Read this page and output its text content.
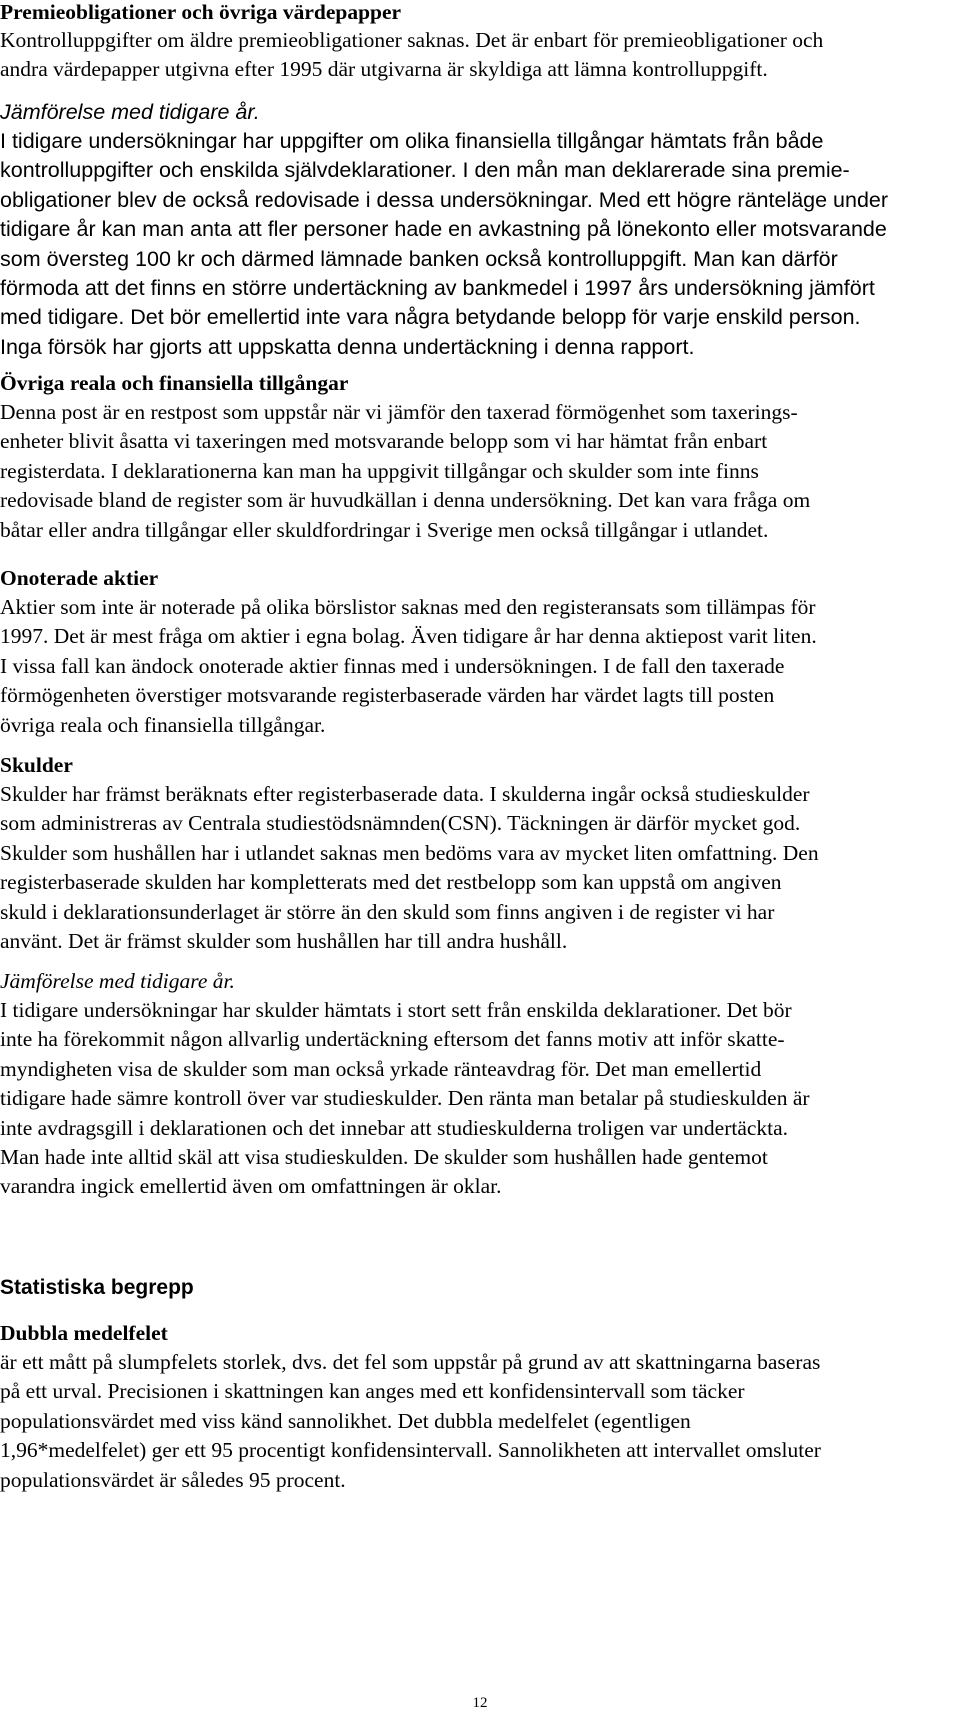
Premieobligationer och övriga värdepapper

Kontrolluppgifter om äldre premieobligationer saknas. Det är enbart för premieobligationer och

andra värdepapper utgivna efter 1995 där utgivarna är skyldiga att lämna kontrolluppgift.

Jämförelse med tidigare år.

I tidigare undersökningar har uppgifter om olika finansiella tillgångar hämtats från både

kontrolluppgifter och enskilda självdeklarationer. I den mån man deklarerade sina premie-

obligationer blev de också redovisade i dessa undersökningar. Med ett högre ränteläge under

tidigare år kan man anta att fler personer hade en avkastning på lönekonto eller motsvarande

som översteg 100 kr och därmed lämnade banken också kontrolluppgift. Man kan därför

förmoda att det finns en större undertäckning av bankmedel i 1997 års undersökning jämfört

med tidigare. Det bör emellertid inte vara några betydande belopp för varje enskild person.

Inga försök har gjorts att uppskatta denna undertäckning i denna rapport.

Övriga reala och finansiella tillgångar

Denna post är en restpost som uppstår när vi jämför den taxerad förmögenhet som taxerings-

enheter blivit åsatta vi taxeringen med motsvarande belopp som vi har hämtat från enbart

registerdata. I deklarationerna kan man ha uppgivit tillgångar och skulder som inte finns

redovisade bland de register som är huvudkällan i denna undersökning. Det kan vara fråga om

båtar eller andra tillgångar eller skuldfordringar i Sverige men också tillgångar i utlandet.

Onoterade aktier

Aktier som inte är noterade på olika börslistor saknas med den registeransats som tillämpas för

1997. Det är mest fråga om aktier i egna bolag. Även tidigare år har denna aktiepost varit liten.

I vissa fall kan ändock onoterade aktier finnas med i undersökningen. I de fall den taxerade

förmögenheten överstiger motsvarande registerbaserade värden har värdet lagts till posten

övriga reala och finansiella tillgångar.

Skulder

Skulder har främst beräknats efter registerbaserade data. I skulderna ingår också studieskulder

som administreras av Centrala studiestödsnämnden(CSN). Täckningen är därför mycket god.

Skulder som hushållen har i utlandet saknas men bedöms vara av mycket liten omfattning. Den

registerbaserade skulden har kompletterats med det restbelopp som kan uppstå om angiven

skuld i deklarationsunderlaget är större än den skuld som finns angiven i de register vi har

använt. Det är främst skulder som hushållen har till andra hushåll.

Jämförelse med tidigare år.

I tidigare undersökningar har skulder hämtats i stort sett från enskilda deklarationer. Det bör

inte ha förekommit någon allvarlig undertäckning eftersom det fanns motiv att inför skatte-

myndigheten visa de skulder som man också yrkade ränteavdrag för. Det man emellertid

tidigare hade sämre kontroll över var studieskulder. Den ränta man betalar på studieskulden är

inte avdragsgill i deklarationen och det innebar att studieskulderna troligen var undertäckta.

Man hade inte alltid skäl att visa studieskulden. De skulder som hushållen hade gentemot

varandra ingick emellertid även om omfattningen är oklar.

Statistiska begrepp

Dubbla medelfelet

är ett mått på slumpfelets storlek, dvs. det fel som uppstår på grund av att skattningarna baseras

på ett urval. Precisionen i skattningen kan anges med ett konfidensintervall som täcker

populationsvärdet med viss känd sannolikhet. Det dubbla medelfelet (egentligen

1,96*medelfelet) ger ett 95 procentigt konfidensintervall. Sannolikheten att intervallet omsluter

populationsvärdet är således 95 procent.

12
